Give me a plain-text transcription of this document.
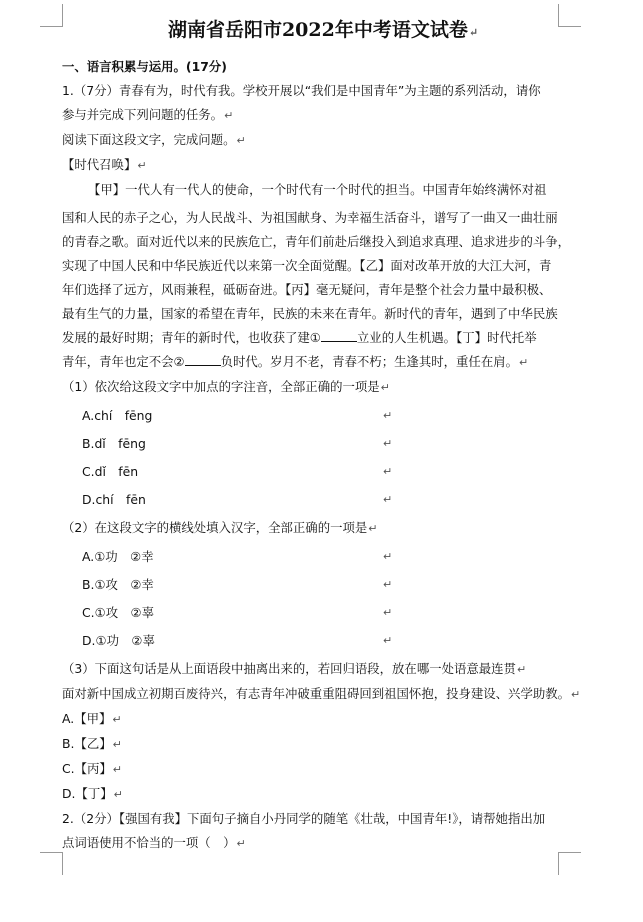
湖南省岳阳市2022年中考语文试卷↵
一、语言积累与运用。(17分)
1.（7分）青春有为，时代有我。学校开展以“我们是中国青年”为主题的系列活动，请你
参与并完成下列问题的任务。↵
阅读下面这段文字，完成问题。↵
【时代召唤】↵
【甲】一代人有一代人的使命，一个时代有一个时代的担当。中国青年始终满怀对祖
国和人民的赤子之心，为人民战斗、为祖国献身、为幸福生活奋斗，谱写了一曲又一曲壮丽
的青春之歌。面对近代以来的民族危亡，青年们前赴后继投入到追求真理、追求进步的斗争，
实现了中国人民和中华民族近代以来第一次全面觉醒。【乙】面对改革开放的大江大河，青
年们选择了远方，风雨兼程，砥砺奋进。【丙】毫无疑问，青年是整个社会力量中最积极、
最有生气的力量，国家的希望在青年，民族的未来在青年。新时代的青年，遇到了中华民族
发展的最好时期；青年的新时代，也收获了建①	立业的人生机遇。【丁】时代托举
青年，青年也定不会②	负时代。岁月不老，青春不朽；生逢其时，重任在肩。↵
（1）依次给这段文字中加点的字注音，全部正确的一项是↵
A.chí　fēng	↵
B.dǐ　fēng	↵
C.dǐ　fēn	↵
D.chí　fēn	↵
（2）在这段文字的横线处填入汉字，全部正确的一项是↵
A.①功　②幸	↵
B.①攻　②幸	↵
C.①攻　②辜	↵
D.①功　②辜	↵
（3）下面这句话是从上面语段中抽离出来的，若回归语段，放在哪一处语意最连贯↵
面对新中国成立初期百废待兴，有志青年冲破重重阻碍回到祖国怀抱，投身建设、兴学助教。↵
A.【甲】↵
B.【乙】↵
C.【丙】↵
D.【丁】↵
2.（2分）【强国有我】下面句子摘自小丹同学的随笔《壮哉，中国青年!》，请帮她指出加
点词语使用不恰当的一项（　）↵
